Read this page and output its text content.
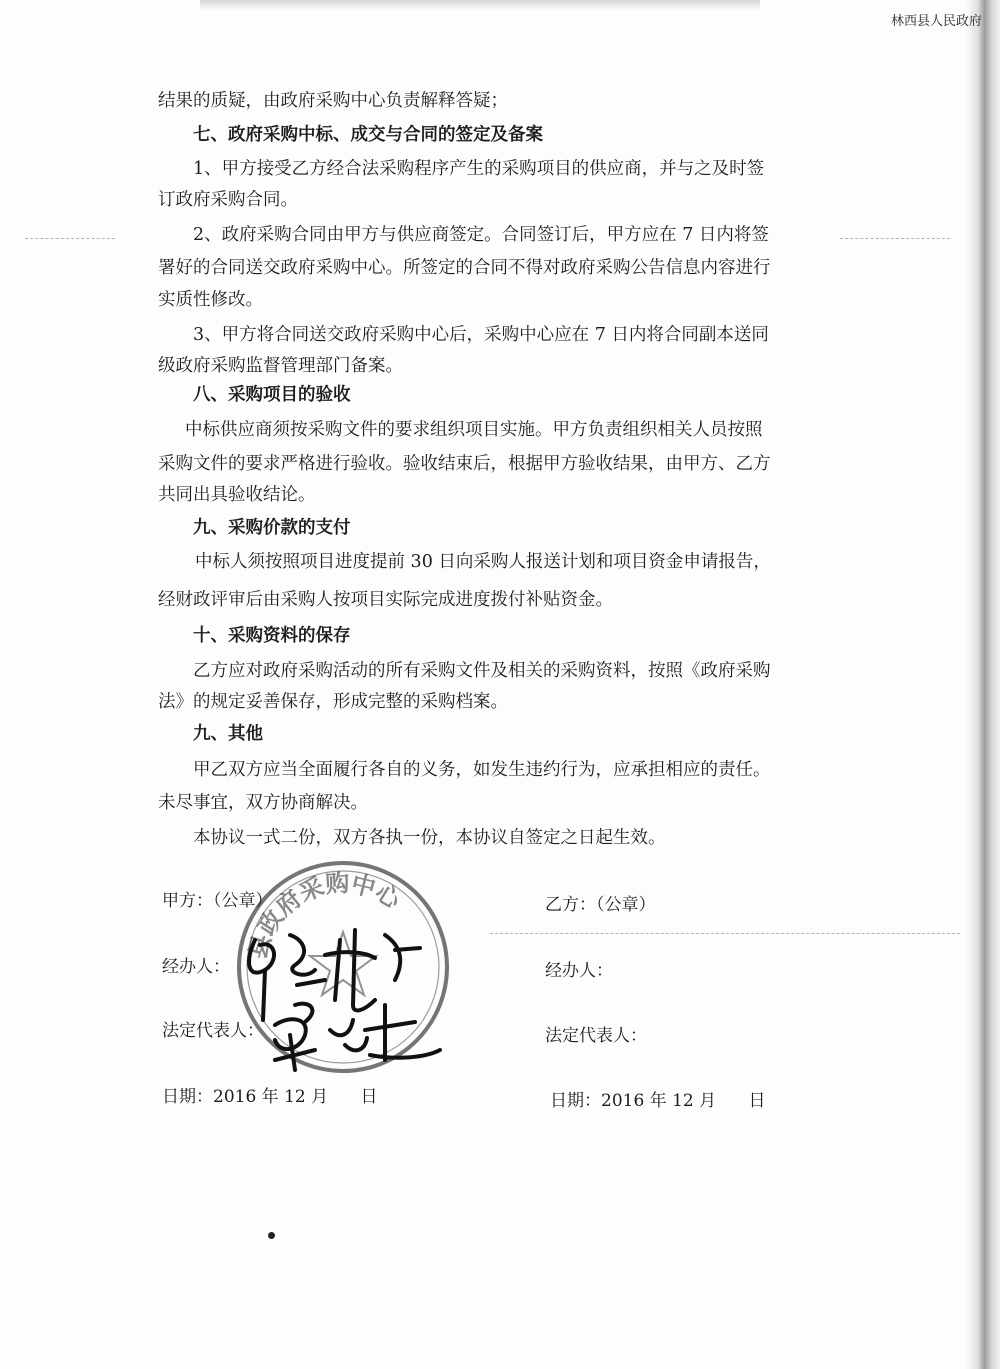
林西县人民政府

结果的质疑，由政府采购中心负责解释答疑；

七、政府采购中标、成交与合同的签定及备案

1、甲方接受乙方经合法采购程序产生的采购项目的供应商，并与之及时签

订政府采购合同。

2、政府采购合同由甲方与供应商签定。合同签订后，甲方应在 7 日内将签

署好的合同送交政府采购中心。所签定的合同不得对政府采购公告信息内容进行

实质性修改。

3、甲方将合同送交政府采购中心后，采购中心应在 7 日内将合同副本送同

级政府采购监督管理部门备案。

八、采购项目的验收

中标供应商须按采购文件的要求组织项目实施。甲方负责组织相关人员按照

采购文件的要求严格进行验收。验收结束后，根据甲方验收结果，由甲方、乙方

共同出具验收结论。

九、采购价款的支付

中标人须按照项目进度提前 30 日向采购人报送计划和项目资金申请报告，

经财政评审后由采购人按项目实际完成进度拨付补贴资金。

十、采购资料的保存

乙方应对政府采购活动的所有采购文件及相关的采购资料，按照《政府采购

法》的规定妥善保存，形成完整的采购档案。

九、其他

甲乙双方应当全面履行各自的义务，如发生违约行为，应承担相应的责任。

未尽事宜，双方协商解决。

本协议一式二份，双方各执一份，本协议自签定之日起生效。

县政府采购中心
甲方：（公章）
经办人：
法定代表人：
日期：2016 年 12 月      日
乙方：（公章）
经办人：
法定代表人：
日期：2016 年 12 月      日
